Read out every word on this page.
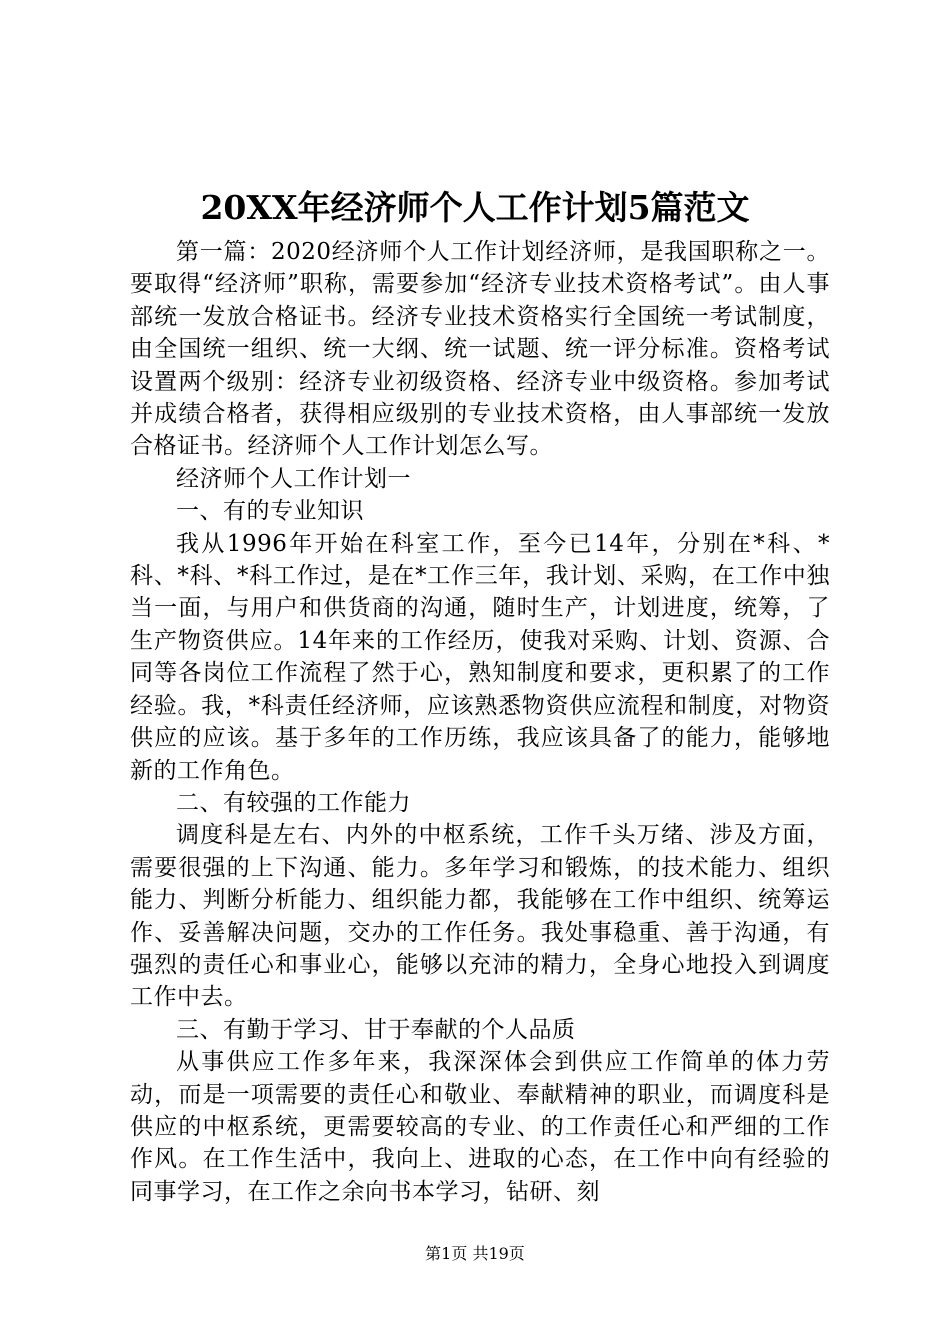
20XX年经济师个人工作计划5篇范文

第一篇：2020经济师个人工作计划经济师，是我国职称之一。要取得“经济师”职称，需要参加“经济专业技术资格考试”。由人事部统一发放合格证书。经济专业技术资格实行全国统一考试制度，由全国统一组织、统一大纲、统一试题、统一评分标准。资格考试设置两个级别：经济专业初级资格、经济专业中级资格。参加考试并成绩合格者，获得相应级别的专业技术资格，由人事部统一发放合格证书。经济师个人工作计划怎么写。

经济师个人工作计划一

一、有的专业知识

我从1996年开始在科室工作，至今已14年，分别在*科、*科、*科、*科工作过，是在*工作三年，我计划、采购，在工作中独当一面，与用户和供货商的沟通，随时生产，计划进度，统筹，了生产物资供应。14年来的工作经历，使我对采购、计划、资源、合同等各岗位工作流程了然于心，熟知制度和要求，更积累了的工作经验。我，*科责任经济师，应该熟悉物资供应流程和制度，对物资供应的应该。基于多年的工作历练，我应该具备了的能力，能够地新的工作角色。

二、有较强的工作能力

调度科是左右、内外的中枢系统，工作千头万绪、涉及方面，需要很强的上下沟通、能力。多年学习和锻炼，的技术能力、组织能力、判断分析能力、组织能力都，我能够在工作中组织、统筹运作、妥善解决问题，交办的工作任务。我处事稳重、善于沟通，有强烈的责任心和事业心，能够以充沛的精力，全身心地投入到调度工作中去。

三、有勤于学习、甘于奉献的个人品质

从事供应工作多年来，我深深体会到供应工作简单的体力劳动，而是一项需要的责任心和敬业、奉献精神的职业，而调度科是供应的中枢系统，更需要较高的专业、的工作责任心和严细的工作作风。在工作生活中，我向上、进取的心态，在工作中向有经验的同事学习，在工作之余向书本学习，钻研、刻

第1页 共19页
